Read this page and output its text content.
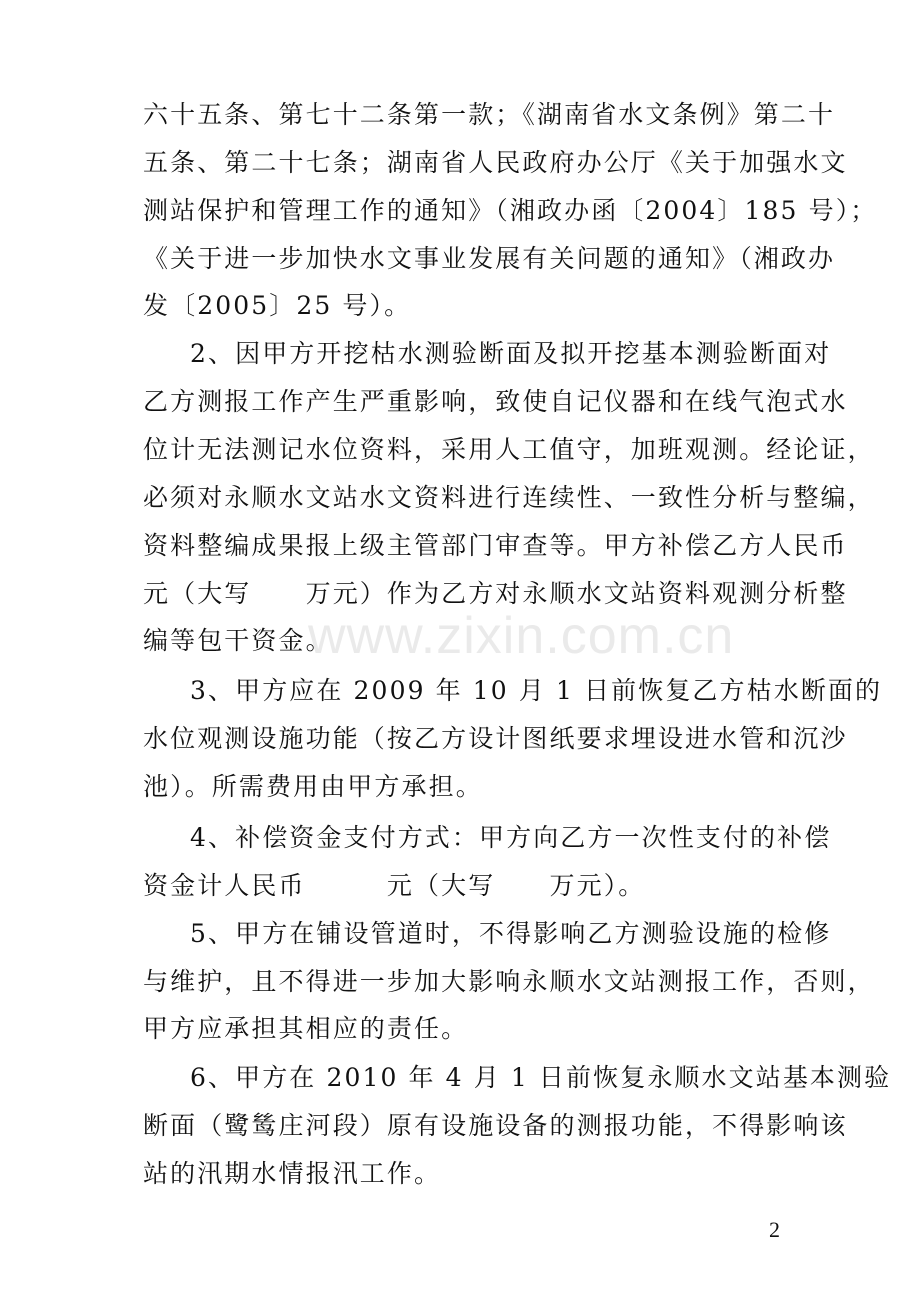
www.zixin.com.cn
六十五条、第七十二条第一款；《湖南省水文条例》第二十
五条、第二十七条；湖南省人民政府办公厅《关于加强水文
测站保护和管理工作的通知》（湘政办函〔2004〕185 号）；
《关于进一步加快水文事业发展有关问题的通知》（湘政办
发〔2005〕25 号）。
2、因甲方开挖枯水测验断面及拟开挖基本测验断面对
乙方测报工作产生严重影响，致使自记仪器和在线气泡式水
位计无法测记水位资料，采用人工值守，加班观测。经论证，
必须对永顺水文站水文资料进行连续性、一致性分析与整编，
资料整编成果报上级主管部门审查等。甲方补偿乙方人民币
元（大写　　万元）作为乙方对永顺水文站资料观测分析整
编等包干资金。
3、甲方应在 2009 年 10 月 1 日前恢复乙方枯水断面的
水位观测设施功能（按乙方设计图纸要求埋设进水管和沉沙
池）。所需费用由甲方承担。
4、补偿资金支付方式：甲方向乙方一次性支付的补偿
资金计人民币　　　元（大写　　万元）。
5、甲方在铺设管道时，不得影响乙方测验设施的检修
与维护，且不得进一步加大影响永顺水文站测报工作，否则，
甲方应承担其相应的责任。
6、甲方在 2010 年 4 月 1 日前恢复永顺水文站基本测验
断面（鹭鸶庄河段）原有设施设备的测报功能，不得影响该
站的汛期水情报汛工作。
2
